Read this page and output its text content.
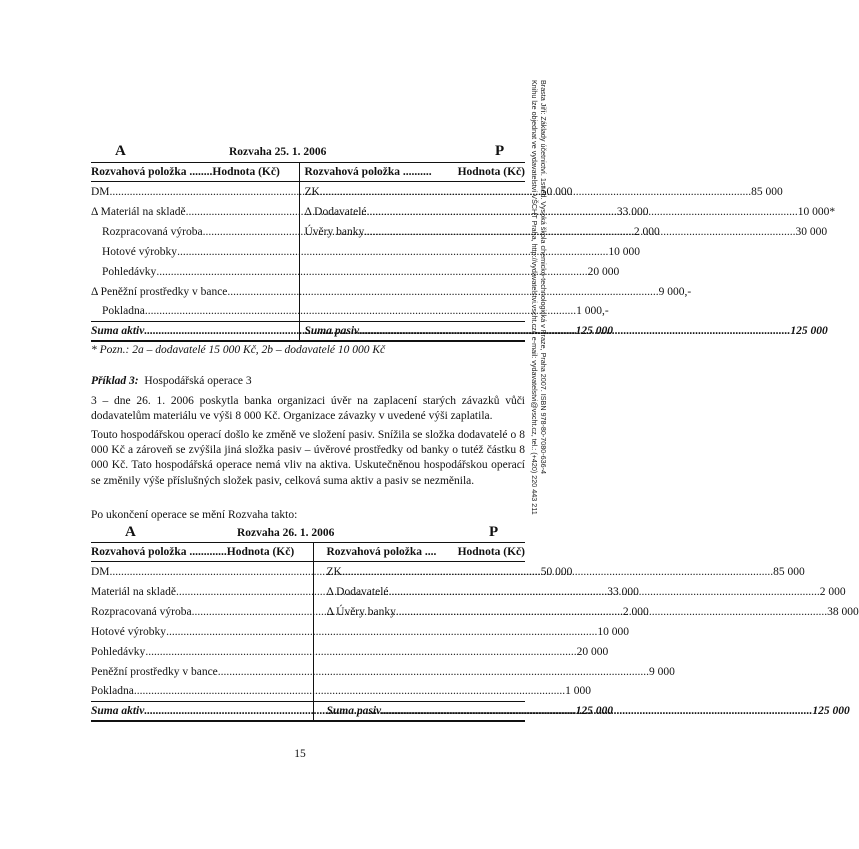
Brasta Jiří: Základy účetnictví. 1st ed. Vysoká škola chemicko-technologická v Praze, Praha 2007. ISBN 978-80-7080-636-4
Knihu lze objednat ve vydavatelství VŠCHT Praha, http://vydavatelstvi.vscht.cz/, e-mail: vydavatelstvi@vscht.cz, tel.: (+420) 220 443 211
A	Rozvaha 25. 1. 2006	P
Rozvahová položka ........ Hodnota (Kč)	Rozvahová položka .......... Hodnota (Kč)

DM ..... 50 000	ZK ..... 85 000

Δ Materiál na skladě ..... 33 000	Δ Dodavatelé ..... 10 000*

Rozpracovaná výroba ..... 2 000	Úvěry banky ..... 30 000

Hotové výrobky ..... 10 000

Pohledávky ..... 20 000

Δ Peněžní prostředky v bance ..... 9 000,-

Pokladna ..... 1 000,-

Suma aktiv ..... 125 000	Suma pasiv ..... 125 000
* Pozn.: 2a – dodavatelé 15 000 Kč, 2b – dodavatelé 10 000 Kč
Příklad 3: Hospodářská operace 3

3 – dne 26. 1. 2006 poskytla banka organizaci úvěr na zaplacení starých závazků vůči dodavatelům materiálu ve výši 8 000 Kč. Organizace závazky v uvedené výši zaplatila.

Touto hospodářskou operací došlo ke změně ve složení pasiv. Snížila se složka dodavatelé o 8 000 Kč a zároveň se zvýšila jiná složka pasiv – úvěrové prostředky od banky o tutéž částku 8 000 Kč. Tato hospodářská operace nemá vliv na aktiva. Uskutečněnou hospodářskou operací se změnily výše příslušných složek pasiv, celková suma aktiv a pasiv se nezměnila.

Po ukončení operace se mění Rozvaha takto:

A	Rozvaha 26. 1. 2006	P
Rozvahová položka ............. Hodnota (Kč)	Rozvahová položka .... Hodnota (Kč)

DM ..... 50 000	ZK ..... 85 000

Materiál na skladě ..... 33 000	Δ Dodavatelé ..... 2 000

Rozpracovaná výroba ..... 2 000	Δ Úvěry banky ..... 38 000

Hotové výrobky ..... 10 000

Pohledávky ..... 20 000

Peněžní prostředky v bance ..... 9 000

Pokladna ..... 1 000

Suma aktiv ..... 125 000	Suma pasiv ..... 125 000
15
